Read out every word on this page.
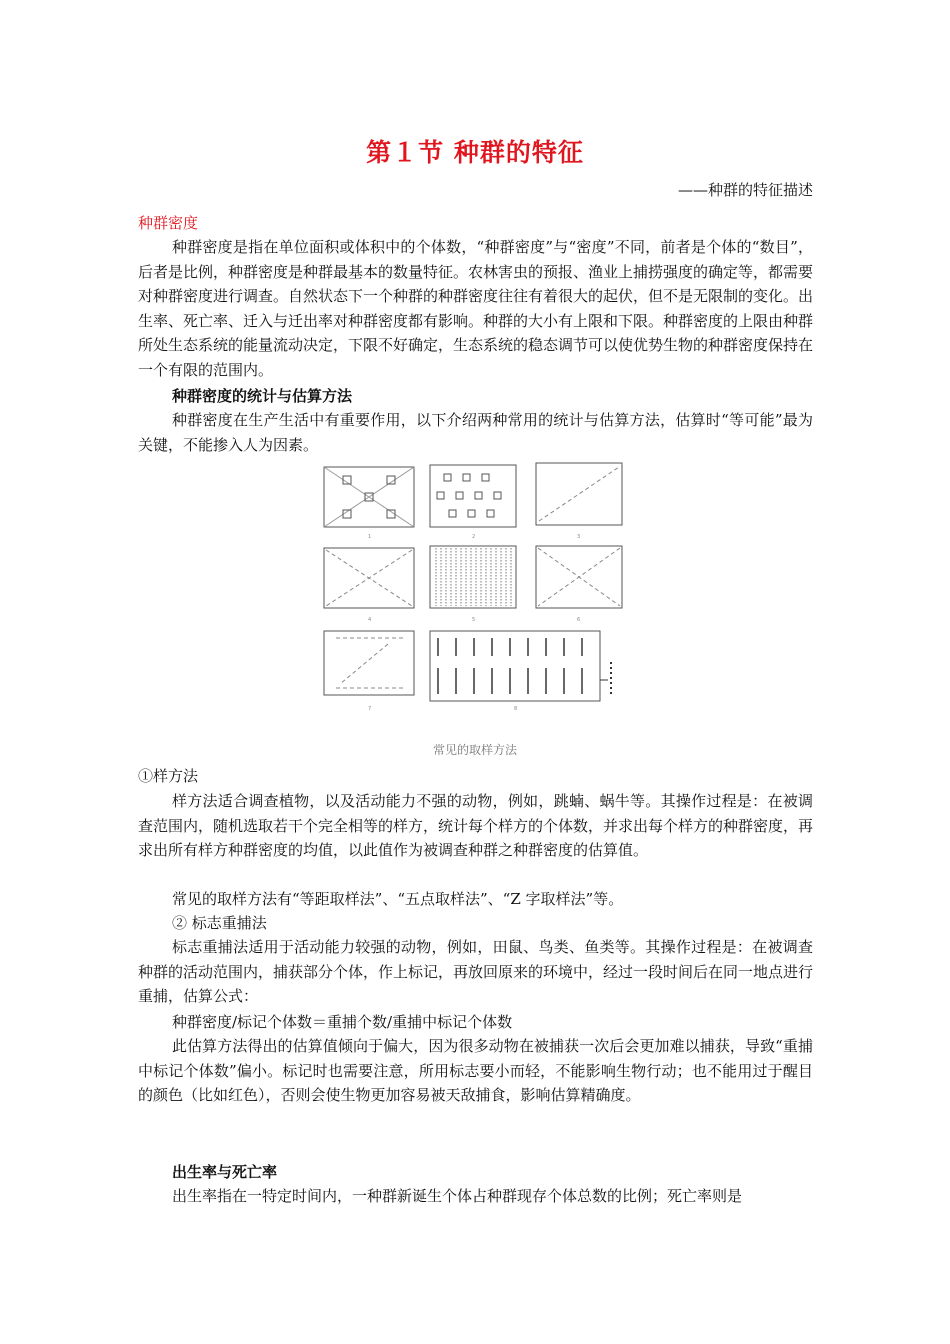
第１节 种群的特征
——种群的特征描述
种群密度

种群密度是指在单位面积或体积中的个体数，“种群密度”与“密度”不同，前者是个体的“数目”，后者是比例，种群密度是种群最基本的数量特征。农林害虫的预报、渔业上捕捞强度的确定等，都需要对种群密度进行调查。自然状态下一个种群的种群密度往往有着很大的起伏，但不是无限制的变化。出生率、死亡率、迁入与迁出率对种群密度都有影响。种群的大小有上限和下限。种群密度的上限由种群所处生态系统的能量流动决定，下限不好确定，生态系统的稳态调节可以使优势生物的种群密度保持在一个有限的范围内。

种群密度的统计与估算方法

种群密度在生产生活中有重要作用，以下介绍两种常用的统计与估算方法，估算时“等可能”最为关键，不能掺入人为因素。

1	2	3
4	5	6
7	8
常见的取样方法
①样方法

样方法适合调查植物，以及活动能力不强的动物，例如，跳蝻、蜗牛等。其操作过程是：在被调查范围内，随机选取若干个完全相等的样方，统计每个样方的个体数，并求出每个样方的种群密度，再求出所有样方种群密度的均值，以此值作为被调查种群之种群密度的估算值。

常见的取样方法有“等距取样法”、“五点取样法”、“Z 字取样法”等。
② 标志重捕法

标志重捕法适用于活动能力较强的动物，例如，田鼠、鸟类、鱼类等。其操作过程是：在被调查种群的活动范围内，捕获部分个体，作上标记，再放回原来的环境中，经过一段时间后在同一地点进行重捕，估算公式：

种群密度/标记个体数＝重捕个数/重捕中标记个体数

此估算方法得出的估算值倾向于偏大，因为很多动物在被捕获一次后会更加难以捕获，导致“重捕中标记个体数”偏小。标记时也需要注意，所用标志要小而轻，不能影响生物行动；也不能用过于醒目的颜色（比如红色），否则会使生物更加容易被天敌捕食，影响估算精确度。

出生率与死亡率
出生率指在一特定时间内，一种群新诞生个体占种群现存个体总数的比例；死亡率则是
